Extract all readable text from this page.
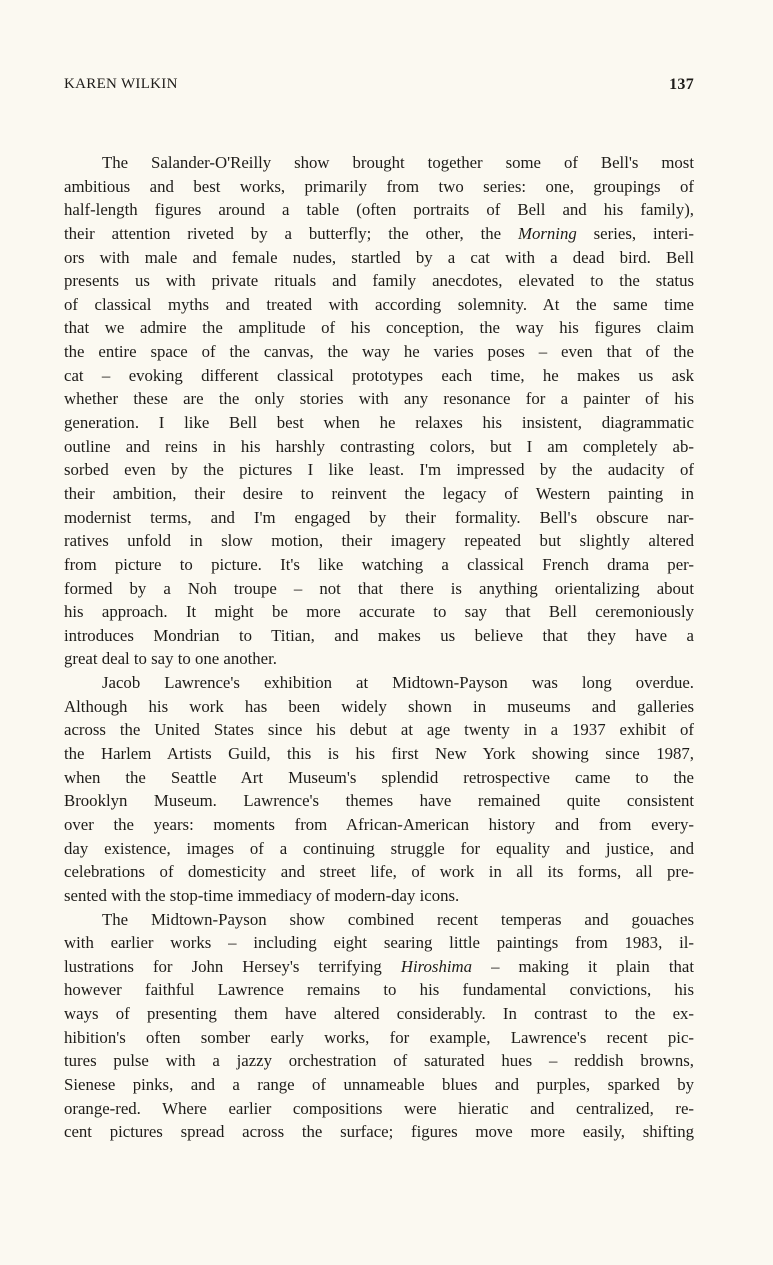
KAREN WILKIN	137
The Salander-O'Reilly show brought together some of Bell's most
ambitious and best works, primarily from two series: one, groupings of
half-length figures around a table (often portraits of Bell and his family),
their attention riveted by a butterfly; the other, the Morning series, interi-
ors with male and female nudes, startled by a cat with a dead bird. Bell
presents us with private rituals and family anecdotes, elevated to the status
of classical myths and treated with according solemnity. At the same time
that we admire the amplitude of his conception, the way his figures claim
the entire space of the canvas, the way he varies poses – even that of the
cat – evoking different classical prototypes each time, he makes us ask
whether these are the only stories with any resonance for a painter of his
generation. I like Bell best when he relaxes his insistent, diagrammatic
outline and reins in his harshly contrasting colors, but I am completely ab-
sorbed even by the pictures I like least. I'm impressed by the audacity of
their ambition, their desire to reinvent the legacy of Western painting in
modernist terms, and I'm engaged by their formality. Bell's obscure nar-
ratives unfold in slow motion, their imagery repeated but slightly altered
from picture to picture. It's like watching a classical French drama per-
formed by a Noh troupe – not that there is anything orientalizing about
his approach. It might be more accurate to say that Bell ceremoniously
introduces Mondrian to Titian, and makes us believe that they have a
great deal to say to one another.
Jacob Lawrence's exhibition at Midtown-Payson was long overdue.
Although his work has been widely shown in museums and galleries
across the United States since his debut at age twenty in a 1937 exhibit of
the Harlem Artists Guild, this is his first New York showing since 1987,
when the Seattle Art Museum's splendid retrospective came to the
Brooklyn Museum. Lawrence's themes have remained quite consistent
over the years: moments from African-American history and from every-
day existence, images of a continuing struggle for equality and justice, and
celebrations of domesticity and street life, of work in all its forms, all pre-
sented with the stop-time immediacy of modern-day icons.
The Midtown-Payson show combined recent temperas and gouaches
with earlier works – including eight searing little paintings from 1983, il-
lustrations for John Hersey's terrifying Hiroshima – making it plain that
however faithful Lawrence remains to his fundamental convictions, his
ways of presenting them have altered considerably. In contrast to the ex-
hibition's often somber early works, for example, Lawrence's recent pic-
tures pulse with a jazzy orchestration of saturated hues – reddish browns,
Sienese pinks, and a range of unnameable blues and purples, sparked by
orange-red. Where earlier compositions were hieratic and centralized, re-
cent pictures spread across the surface; figures move more easily, shifting
